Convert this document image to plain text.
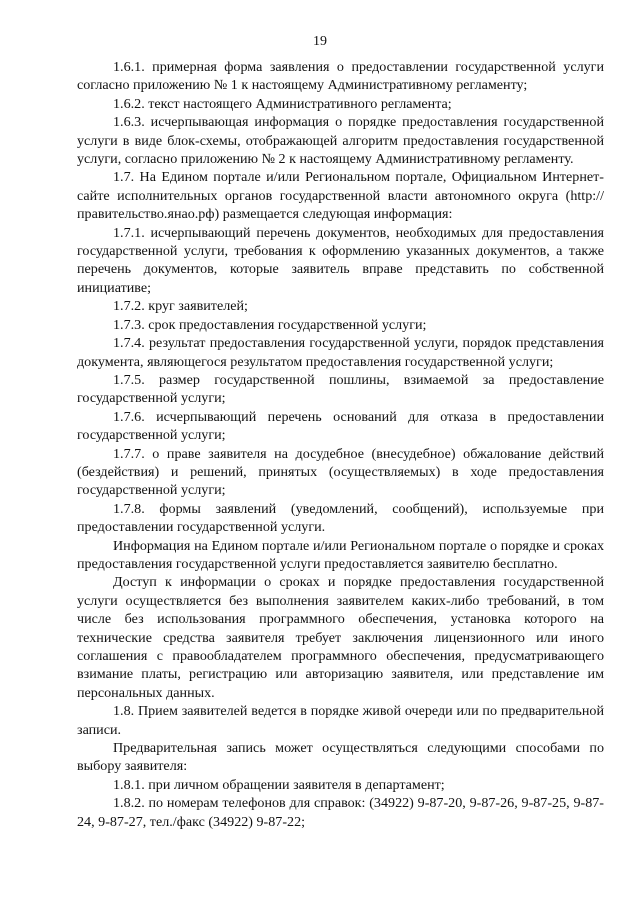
19

1.6.1. примерная форма заявления о предоставлении государственной услуги согласно приложению № 1 к настоящему Административному регламенту;

1.6.2. текст настоящего Административного регламента;

1.6.3. исчерпывающая информация о порядке предоставления государственной услуги в виде блок-схемы, отображающей алгоритм предоставления государственной услуги, согласно приложению № 2 к настоящему Административному регламенту.

1.7. На Едином портале и/или Региональном портале, Официальном Интернет-сайте исполнительных органов государственной власти автономного округа (http://правительство.янао.рф) размещается следующая информация:

1.7.1. исчерпывающий перечень документов, необходимых для предоставления государственной услуги, требования к оформлению указанных документов, а также перечень документов, которые заявитель вправе представить по собственной инициативе;

1.7.2. круг заявителей;

1.7.3. срок предоставления государственной услуги;

1.7.4. результат предоставления государственной услуги, порядок представления документа, являющегося результатом предоставления государственной услуги;

1.7.5. размер государственной пошлины, взимаемой за предоставление государственной услуги;

1.7.6. исчерпывающий перечень оснований для отказа в предоставлении государственной услуги;

1.7.7. о праве заявителя на досудебное (внесудебное) обжалование действий (бездействия) и решений, принятых (осуществляемых) в ходе предоставления государственной услуги;

1.7.8. формы заявлений (уведомлений, сообщений), используемые при предоставлении государственной услуги.

Информация на Едином портале и/или Региональном портале о порядке и сроках предоставления государственной услуги предоставляется заявителю бесплатно.

Доступ к информации о сроках и порядке предоставления государственной услуги осуществляется без выполнения заявителем каких-либо требований, в том числе без использования программного обеспечения, установка которого на технические средства заявителя требует заключения лицензионного или иного соглашения с правообладателем программного обеспечения, предусматривающего взимание платы, регистрацию или авторизацию заявителя, или представление им персональных данных.

1.8. Прием заявителей ведется в порядке живой очереди или по предварительной записи.

Предварительная запись может осуществляться следующими способами по выбору заявителя:

1.8.1. при личном обращении заявителя в департамент;

1.8.2. по номерам телефонов для справок: (34922) 9-87-20, 9-87-26, 9-87-25, 9-87-24, 9-87-27, тел./факс (34922) 9-87-22;
